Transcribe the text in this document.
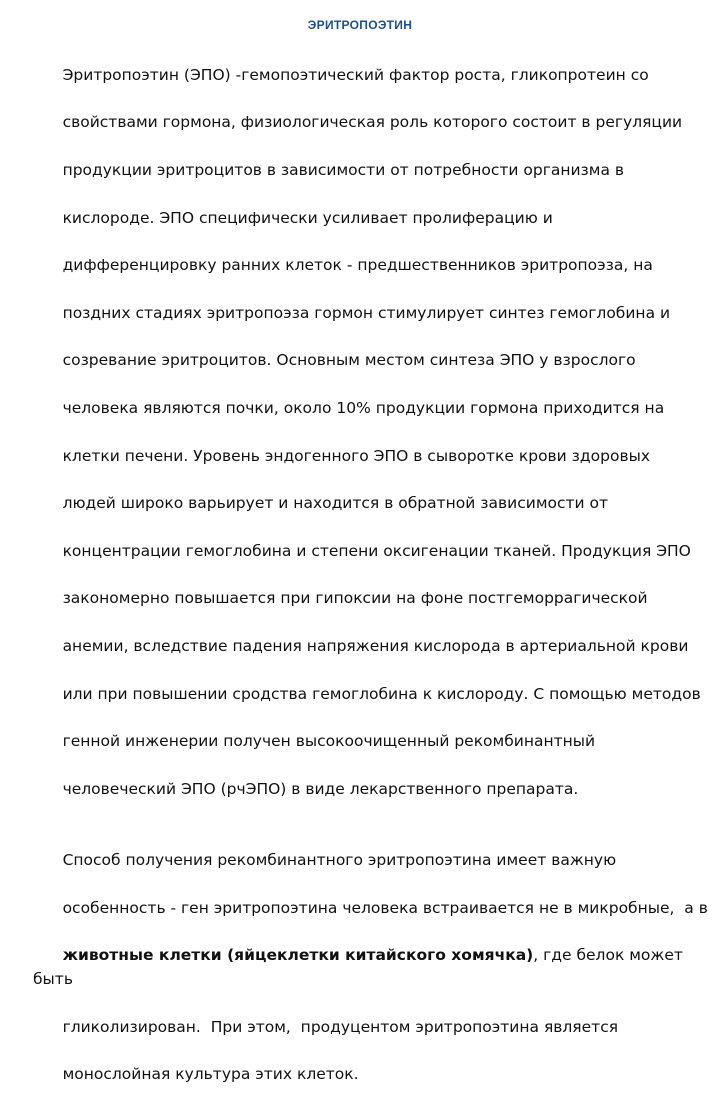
ЭРИТРОПОЭТИН

Эритропоэтин (ЭПО) -гемопоэтический фактор роста, гликопротеин со

свойствами гормона, физиологическая роль которого состоит в регуляции

продукции эритроцитов в зависимости от потребности организма в

кислороде. ЭПО специфически усиливает пролиферацию и

дифференцировку ранних клеток - предшественников эритропоэза, на

поздних стадиях эритропоэза гормон стимулирует синтез гемоглобина и

созревание эритроцитов. Основным местом синтеза ЭПО у взрослого

человека являются почки, около 10% продукции гормона приходится на

клетки печени. Уровень эндогенного ЭПО в сыворотке крови здоровых

людей широко варьирует и находится в обратной зависимости от

концентрации гемоглобина и степени оксигенации тканей. Продукция ЭПО

закономерно повышается при гипоксии на фоне постгеморрагической

анемии, вследствие падения напряжения кислорода в артериальной крови

или при повышении сродства гемоглобина к кислороду. С помощью методов

генной инженерии получен высокоочищенный рекомбинантный

человеческий ЭПО (рчЭПО) в виде лекарственного препарата.

Способ получения рекомбинантного эритропоэтина имеет важную

особенность - ген эритропоэтина человека встраивается не в микробные,  а в

животные клетки (яйцеклетки китайского хомячка), где белок может быть

гликолизирован.  При этом,  продуцентом эритропоэтина является

монослойная культура этих клеток.
